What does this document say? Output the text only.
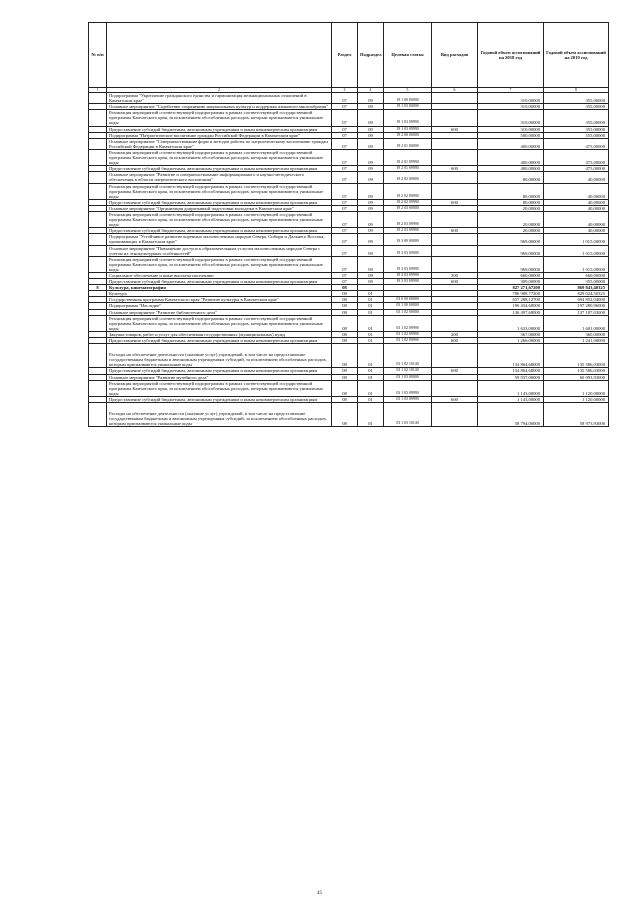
№ п/п		Раздел	Подраздел	Целевая статья	Вид расходов	Годовой объем ассигнований на 2018 год	Годовой объем ассигнований на 2019 год
1	2	3	4	5	6	7	8
	Подпрограмма "Укрепление гражданского единства и гармонизация межнациональных отношений в Камчатском крае"	07	09	19 1 00 00000		310,00000	355,00000
	Основное мероприятие "Содействие сохранению национальных культур и поддержка языкового многообразия"	07	09	19 1 03 00000		310,00000	355,00000
	Реализация мероприятий соответствующей подпрограммы в рамках соответствующей государственной программы Камчатского края, за исключением обособленных расходов, которым присваиваются уникальные коды	07	09	19 1 03 09990		310,00000	355,00000
	Предоставление субсидий бюджетным, автономным учреждениям и иным некоммерческим организациям	07	09	19 1 03 09990	600	310,00000	355,00000
	Подпрограмма "Патриотическое воспитание граждан Российской Федерации в Камчатском крае"	07	09	19 2 00 00000		500,00000	555,00000
	Основное мероприятие "Совершенствование форм и методов работы по патриотическому воспитанию граждан Российской Федерации в Камчатском крае"	07	09	19 2 01 00000		400,00000	475,00000
	Реализация мероприятий соответствующей подпрограммы в рамках соответствующей государственной программы Камчатского края, за исключением обособленных расходов, которым присваиваются уникальные коды	07	09	19 2 01 09990		400,00000	475,00000
	Предоставление субсидий бюджетным, автономным учреждениям и иным некоммерческим организациям	07	09	19 2 01 09990	600	400,00000	475,00000
	Основное мероприятие "Развитие и совершенствование информационного и научно-методического обеспечения в области патриотического воспитания"	07	09	19 2 02 00000		80,00000	40,00000
	Реализация мероприятий соответствующей подпрограммы в рамках соответствующей государственной программы Камчатского края, за исключением обособленных расходов, которым присваиваются уникальные коды	07	09	19 2 02 09990		80,00000	40,00000
	Предоставление субсидий бюджетным, автономным учреждениям и иным некоммерческим организациям	07	09	19 2 02 09990	600	80,00000	40,00000
	Основное мероприятие "Организация допризывной подготовки молодежи в Камчатском крае"	07	09	19 2 03 00000		20,00000	40,00000
	Реализация мероприятий соответствующей подпрограммы в рамках соответствующей государственной программы Камчатского края, за исключением обособленных расходов, которым присваиваются уникальные коды	07	09	19 2 03 09990		20,00000	40,00000
	Предоставление субсидий бюджетным, автономным учреждениям и иным некоммерческим организациям	07	09	19 2 03 09990	600	20,00000	40,00000
	Подпрограмма "Устойчивое развитие коренных малочисленных народов Севера, Сибири и Дальнего Востока, проживающих в Камчатском крае"	07	09	19 3 00 00000		969,00000	1 015,00000
	Основное мероприятие "Повышение доступа к образовательным услугам малочисленных народов Севера с учетом их этнокультурных особенностей"	07	09	19 3 03 00000		969,00000	1 015,00000
	Реализация мероприятий соответствующей подпрограммы в рамках соответствующей государственной программы Камчатского края, за исключением обособленных расходов, которым присваиваются уникальные коды	07	09	19 3 03 09990		969,00000	1 015,00000
	Социальное обеспечение и иные выплаты населению	07	09	19 3 03 09990	300	660,00000	660,00000
	Предоставление субсидий бюджетным, автономным учреждениям и иным некоммерческим организациям	07	09	19 3 03 09990	600	309,00000	355,00000
8	Культура, кинематография	08				827 271,67200	869 843,40325
	Культура	08	01			786 988,77200	829 024,50325
	Государственная программа Камчатского края "Развитие культуры в Камчатском крае"	08	01	03 0 00 00000		657 288,12700	694 852,04000
	Подпрограмма "Наследие"	08	01	03 1 00 00000		196 434,68000	197 280,96000
	Основное мероприятие "Развитие библиотечного дела"	08	01	03 1 02 00000		136 497,68000	137 187,03000
	Реализация мероприятий соответствующей подпрограммы в рамках соответствующей государственной программы Камчатского края, за исключением обособленных расходов, которым присваиваются уникальные коды	08	01	03 1 02 09990		1 633,00000	1 601,00000
	Закупка товаров, работ и услуг для обеспечения государственных (муниципальных) нужд	08	01	03 1 02 09990	200	367,00000	360,00000
	Предоставление субсидий бюджетным, автономным учреждениям и иным некоммерческим организациям	08	01	03 1 02 09990	600	1 266,00000	1 241,00000
	Расходы на обеспечение деятельности (оказание услуг) учреждений, в том числе на предоставление государственным бюджетным и автономным учреждениям субсидий, за исключением обособленных расходов, которым присваиваются уникальные коды	08	01	03 1 02 10140		134 864,68000	135 586,03000
	Предоставление субсидий бюджетным, автономным учреждениям и иным некоммерческим организациям	08	01	03 1 02 10140	600	134 864,68000	135 586,03000
	Основное мероприятие "Развитие музейного дела"	08	01	03 1 03 00000		59 937,00000	60 093,93000
	Реализация мероприятий соответствующей подпрограммы в рамках соответствующей государственной программы Камчатского края, за исключением обособленных расходов, которым присваиваются уникальные коды	08	01	03 1 03 09990		1 143,00000	1 120,00000
	Предоставление субсидий бюджетным, автономным учреждениям и иным некоммерческим организациям	08	01	03 1 03 09990	600	1 143,00000	1 120,00000
	Расходы на обеспечение деятельности (оказание услуг) учреждений, в том числе на предоставление государственным бюджетным и автономным учреждениям субсидий, за исключением обособленных расходов, которым присваиваются уникальные коды	08	01	03 1 03 10140		58 794,00000	58 973,93000
45
